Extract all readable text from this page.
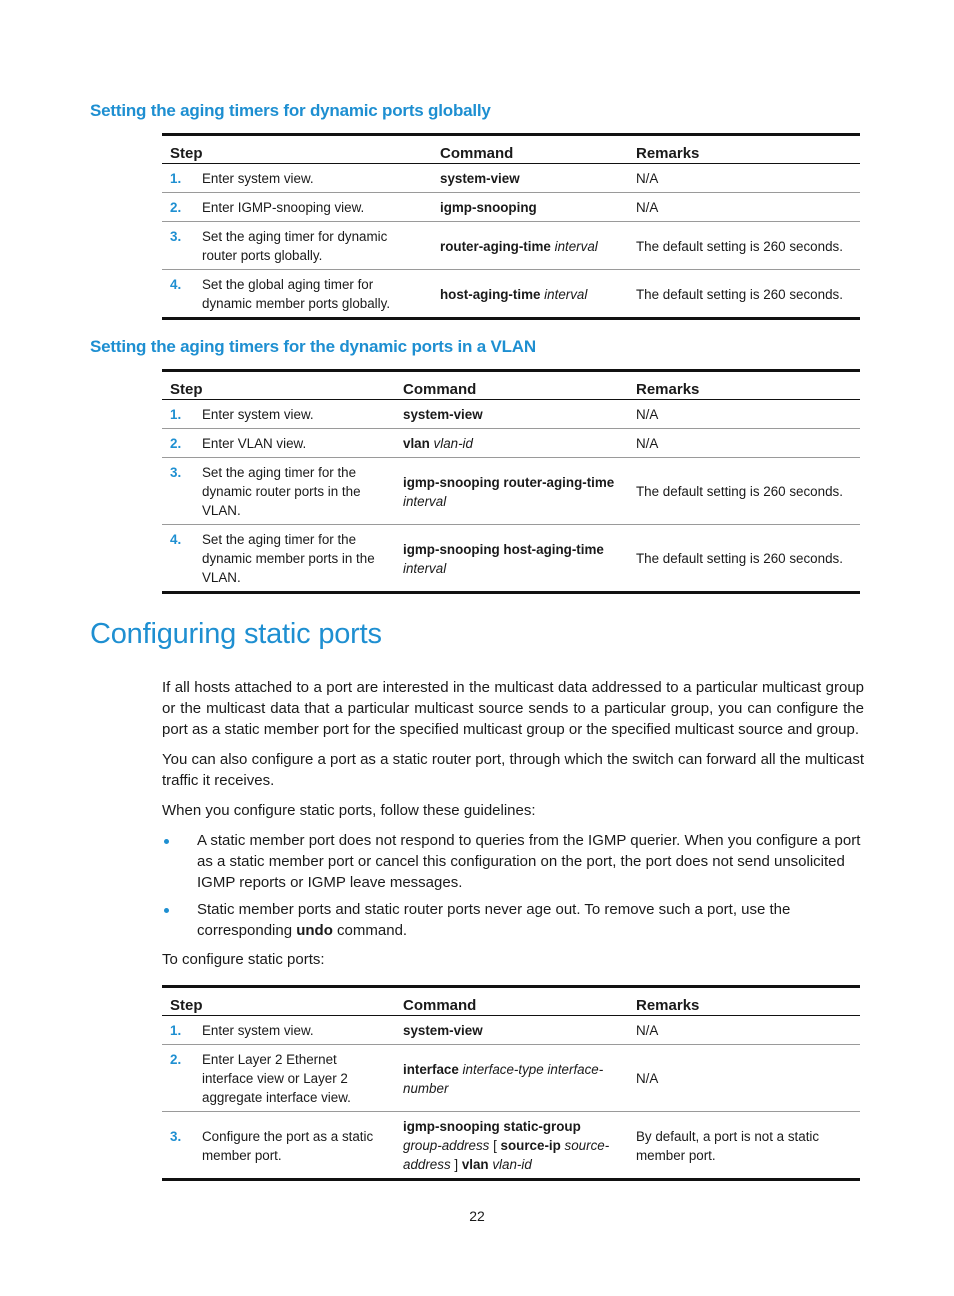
Setting the aging timers for dynamic ports globally
Step	Command	Remarks

1. Enter system view.	system-view	N/A

2. Enter IGMP-snooping view.	igmp-snooping	N/A

3. Set the aging timer for dynamic router ports globally.	router-aging-time interval	The default setting is 260 seconds.

4. Set the global aging timer for dynamic member ports globally.	host-aging-time interval	The default setting is 260 seconds.
Setting the aging timers for the dynamic ports in a VLAN
Step	Command	Remarks

1. Enter system view.	system-view	N/A

2. Enter VLAN view.	vlan vlan-id	N/A

3. Set the aging timer for the dynamic router ports in the VLAN.	igmp-snooping router-aging-time interval	The default setting is 260 seconds.

4. Set the aging timer for the dynamic member ports in the VLAN.	igmp-snooping host-aging-time interval	The default setting is 260 seconds.
Configuring static ports

If all hosts attached to a port are interested in the multicast data addressed to a particular multicast group or the multicast data that a particular multicast source sends to a particular group, you can configure the port as a static member port for the specified multicast group or the specified multicast source and group.

You can also configure a port as a static router port, through which the switch can forward all the multicast traffic it receives.

When you configure static ports, follow these guidelines:

A static member port does not respond to queries from the IGMP querier. When you configure a port as a static member port or cancel this configuration on the port, the port does not send unsolicited IGMP reports or IGMP leave messages.
Static member ports and static router ports never age out. To remove such a port, use the corresponding undo command.

To configure static ports:

Step	Command	Remarks

1. Enter system view.	system-view	N/A

2. Enter Layer 2 Ethernet interface view or Layer 2 aggregate interface view.	interface interface-type interface-number	N/A

3. Configure the port as a static member port.	igmp-snooping static-group group-address [ source-ip source-address ] vlan vlan-id	By default, a port is not a static member port.
22
